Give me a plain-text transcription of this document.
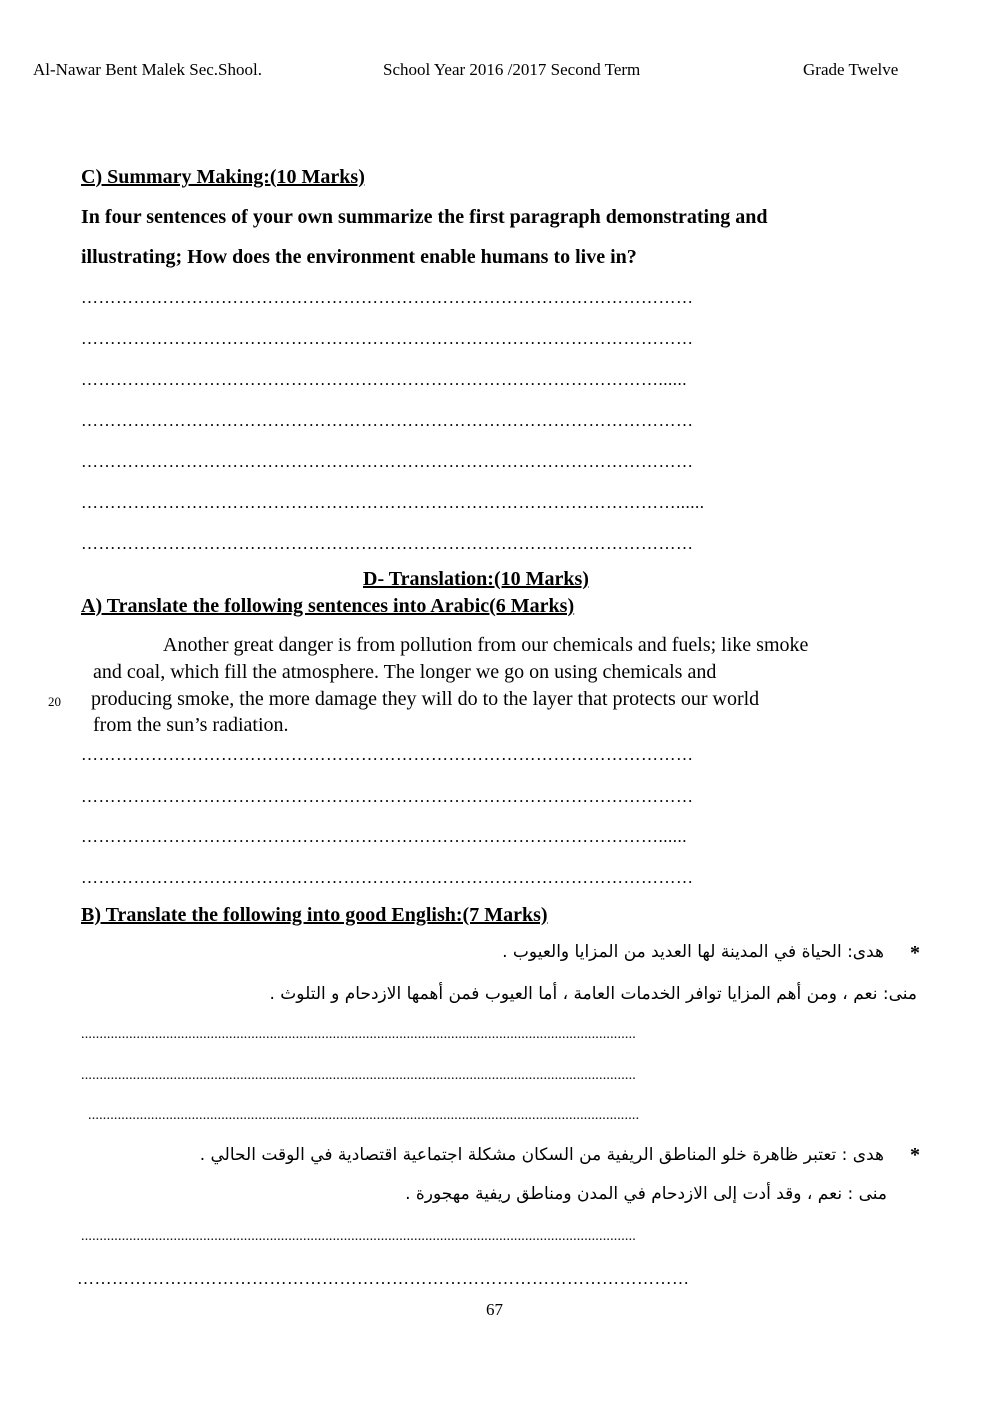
Al-Nawar Bent Malek Sec.Shool.	School Year 2016 /2017 Second Term	Grade Twelve
C) Summary Making:(10 Marks)
In four sentences of your own summarize the first paragraph demonstrating and
illustrating; How does the environment enable humans to live in?
……………………………………………………………………………………………
……………………………………………………………………………………………
………………………………………………………………………………………......
……………………………………………………………………………………………
……………………………………………………………………………………………
…………………………………………………………………………………………......
……………………………………………………………………………………………
D- Translation:(10 Marks)
A) Translate the following sentences into Arabic(6 Marks)
Another great danger is from pollution from our chemicals and fuels; like smoke
and coal, which fill the atmosphere. The longer we go on using chemicals and
20 producing smoke, the more damage they will do to the layer that protects our world
from the sun’s radiation.
……………………………………………………………………………………………
……………………………………………………………………………………………
………………………………………………………………………………………......
……………………………………………………………………………………………
B) Translate the following into good English:(7 Marks)
*
هدى: الحياة في المدينة لها العديد من المزايا والعيوب .
منى: نعم ، ومن أهم المزايا توافر الخدمات العامة ، أما العيوب فمن أهمها الازدحام و التلوث .
......................................................................................................................................................
......................................................................................................................................................
.....................................................................................................................................................
*
هدى : تعتبر ظاهرة خلو المناطق الريفية من السكان مشكلة اجتماعية اقتصادية في الوقت الحالي .
منى : نعم ، وقد أدت إلى الازدحام في المدن ومناطق ريفية مهجورة .
......................................................................................................................................................
……………………………………………………………………………………………
67
